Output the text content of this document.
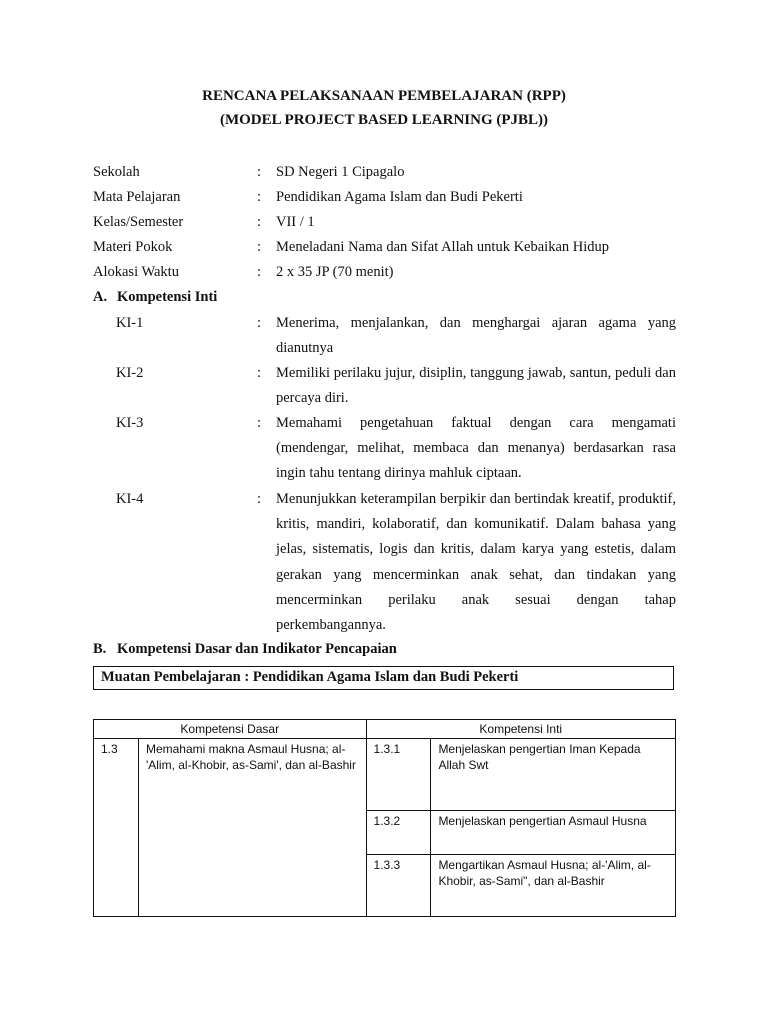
RENCANA PELAKSANAAN PEMBELAJARAN (RPP)
(MODEL PROJECT BASED LEARNING (PJBL))
Sekolah	: SD Negeri 1 Cipagalo
Mata Pelajaran	: Pendidikan Agama Islam dan Budi Pekerti
Kelas/Semester	: VII / 1
Materi Pokok	: Meneladani Nama dan Sifat Allah untuk Kebaikan Hidup
Alokasi Waktu	: 2 x 35 JP (70 menit)
A. Kompetensi Inti
KI-1	: Menerima, menjalankan, dan menghargai ajaran agama yang dianutnya
KI-2	: Memiliki perilaku jujur, disiplin, tanggung jawab, santun, peduli dan percaya diri.
KI-3	: Memahami pengetahuan faktual dengan cara mengamati (mendengar, melihat, membaca dan menanya) berdasarkan rasa ingin tahu tentang dirinya mahluk ciptaan.
KI-4	: Menunjukkan keterampilan berpikir dan bertindak kreatif, produktif, kritis, mandiri, kolaboratif, dan komunikatif. Dalam bahasa yang jelas, sistematis, logis dan kritis, dalam karya yang estetis, dalam gerakan yang mencerminkan anak sehat, dan tindakan yang mencerminkan perilaku anak sesuai dengan tahap perkembangannya.
B. Kompetensi Dasar dan Indikator Pencapaian
Muatan Pembelajaran : Pendidikan Agama Islam dan Budi Pekerti
Kompetensi Dasar		Kompetensi Inti	
1.3	Memahami makna Asmaul Husna; al-'Alim, al-Khobir, as-Sami', dan al-Bashir	1.3.1	Menjelaskan pengertian Iman Kepada Allah Swt
		1.3.2	Menjelaskan pengertian Asmaul Husna
		1.3.3	Mengartikan Asmaul Husna; al-'Alim, al-Khobir, as-Sami", dan al-Bashir
